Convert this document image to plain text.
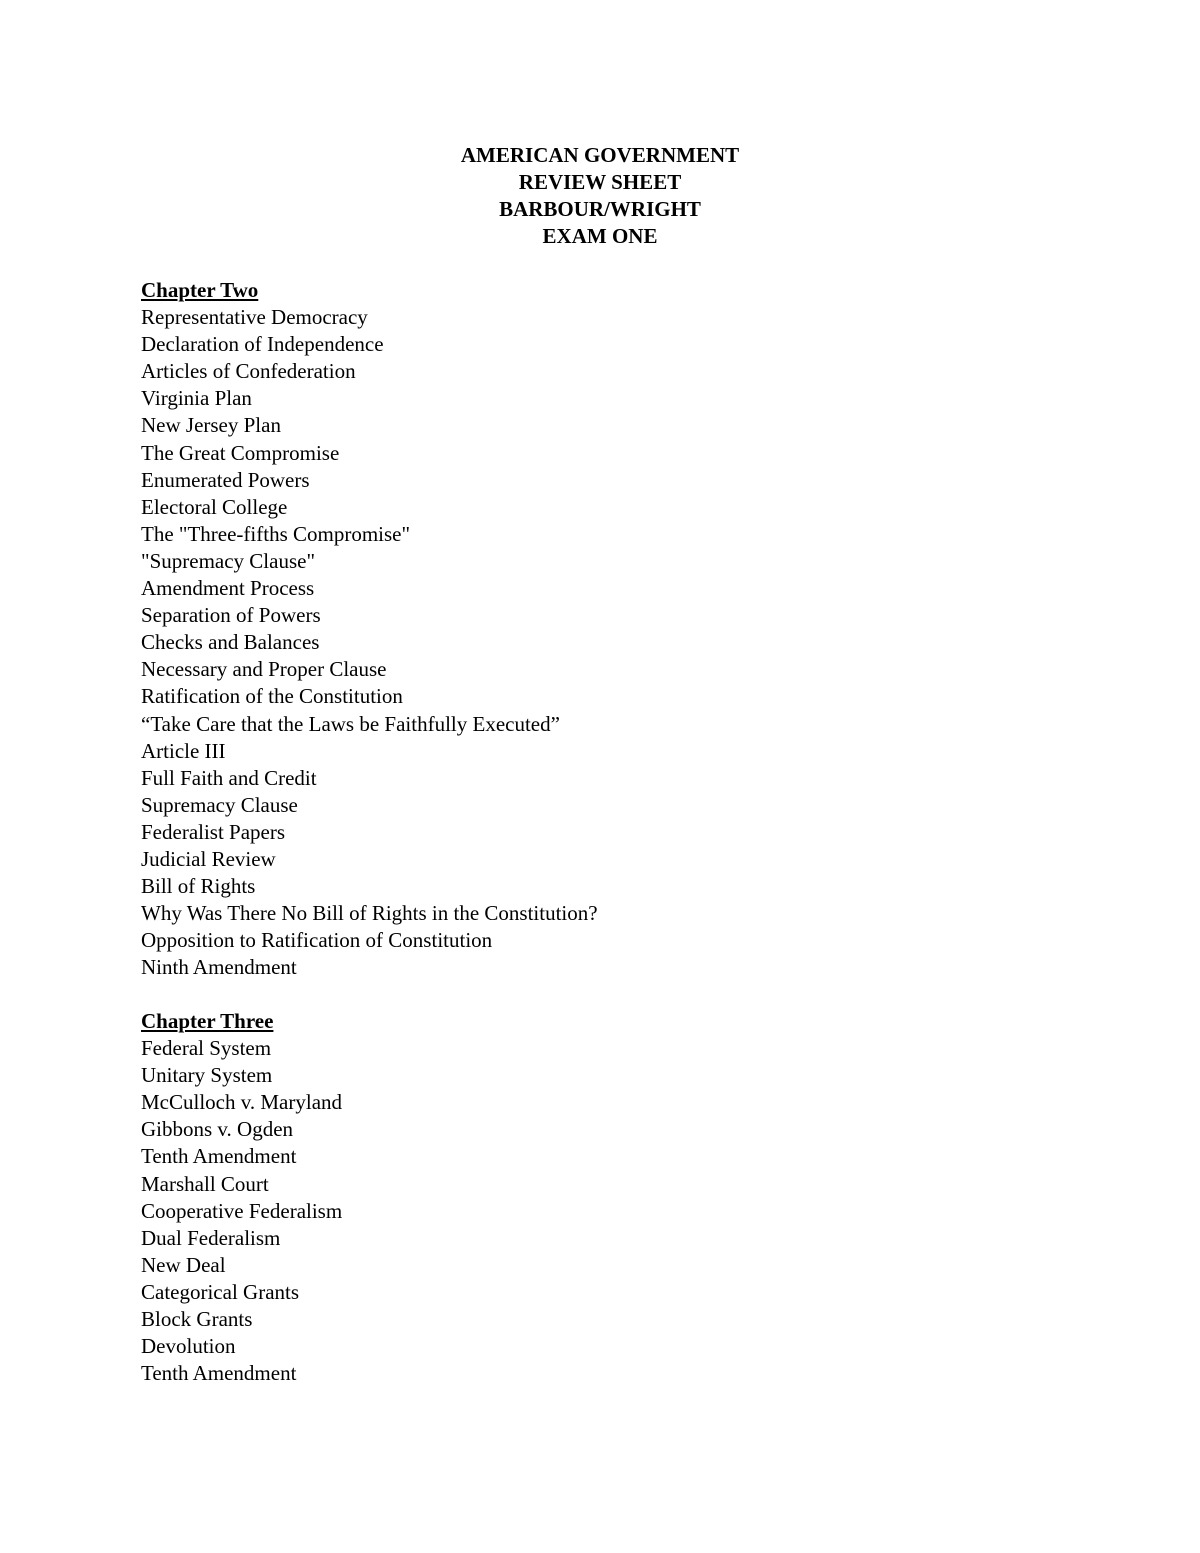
AMERICAN GOVERNMENT
REVIEW SHEET
BARBOUR/WRIGHT
EXAM ONE
Chapter Two
Representative Democracy
Declaration of Independence
Articles of Confederation
Virginia Plan
New Jersey Plan
The Great Compromise
Enumerated Powers
Electoral College
The "Three-fifths Compromise"
"Supremacy Clause"
Amendment Process
Separation of Powers
Checks and Balances
Necessary and Proper Clause
Ratification of the Constitution
“Take Care that the Laws be Faithfully Executed”
Article III
Full Faith and Credit
Supremacy Clause
Federalist Papers
Judicial Review
Bill of Rights
Why Was There No Bill of Rights in the Constitution?
Opposition to Ratification of Constitution
Ninth Amendment
Chapter Three
Federal System
Unitary System
McCulloch v. Maryland
Gibbons v. Ogden
Tenth Amendment
Marshall Court
Cooperative Federalism
Dual Federalism
New Deal
Categorical Grants
Block Grants
Devolution
Tenth Amendment
